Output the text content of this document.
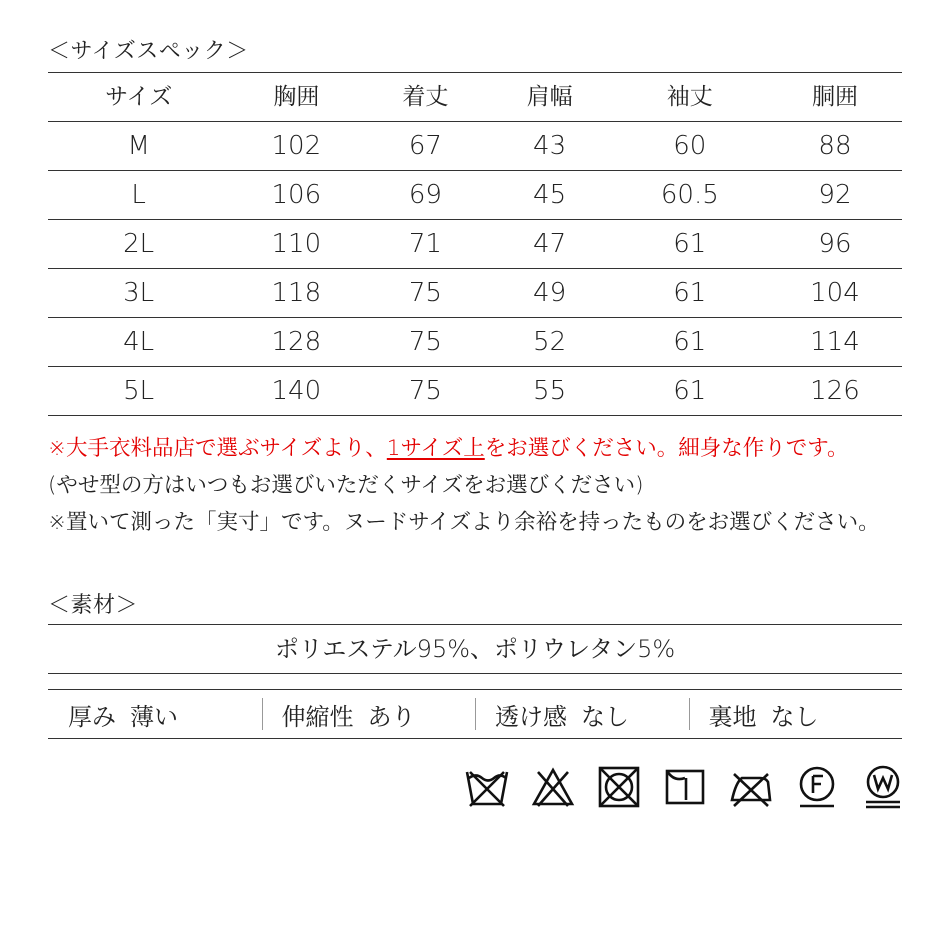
＜サイズスペック＞
サイズ	胸囲	着丈	肩幅	袖丈	胴囲
M	102	67	43	60	88
L	106	69	45	60.5	92
2L	110	71	47	61	96
3L	118	75	49	61	104
4L	128	75	52	61	114
5L	140	75	55	61	126
※大手衣料品店で選ぶサイズより、1サイズ上をお選びください。細身な作りです。
(やせ型の方はいつもお選びいただくサイズをお選びください)
※置いて測った「実寸」です。ヌードサイズより余裕を持ったものをお選びください。
＜素材＞
ポリエステル95%、ポリウレタン5%
厚み 薄い	伸縮性 あり	透け感 なし	裏地 なし
